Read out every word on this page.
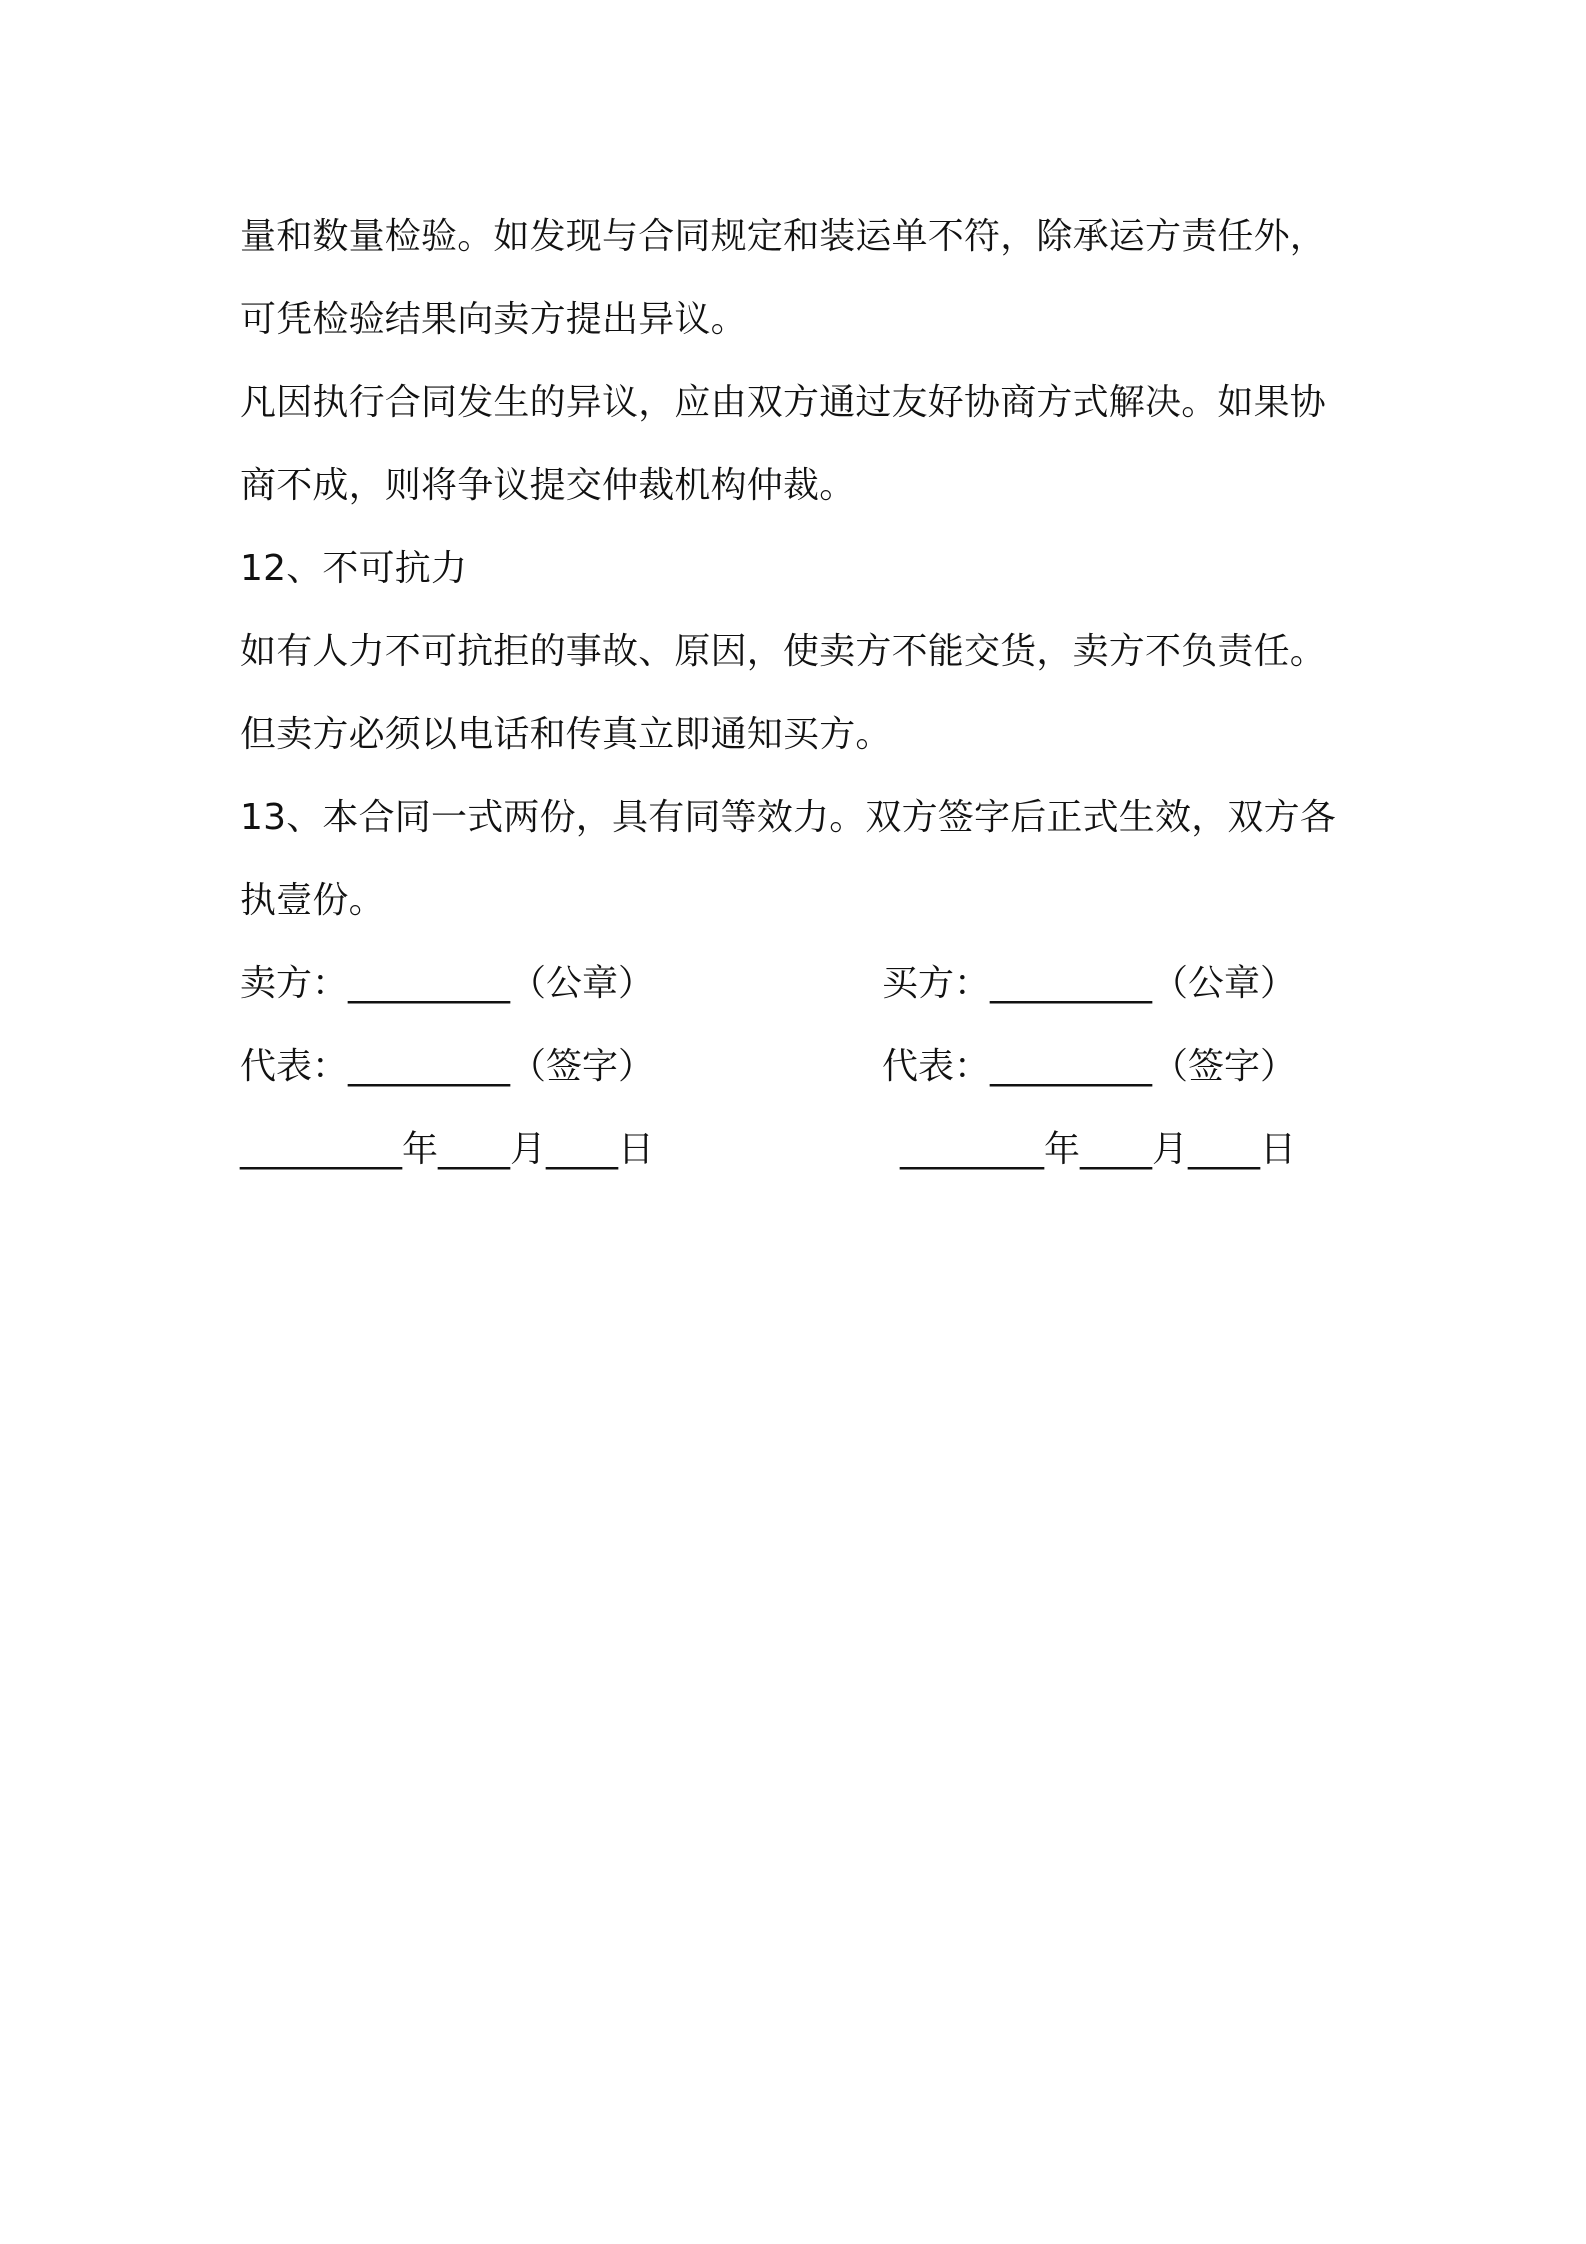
量和数量检验。如发现与合同规定和装运单不符，除承运方责任外，
可凭检验结果向卖方提出异议。
凡因执行合同发生的异议，应由双方通过友好协商方式解决。如果协
商不成，则将争议提交仲裁机构仲裁。
12、不可抗力
如有人力不可抗拒的事故、原因，使卖方不能交货，卖方不负责任。
但卖方必须以电话和传真立即通知买方。
13、本合同一式两份，具有同等效力。双方签字后正式生效，双方各
执壹份。
卖方：_________（公章）	买方：_________（公章）
代表：_________（签字）	代表：_________（签字）
_________年____月____日	________年____月____日
